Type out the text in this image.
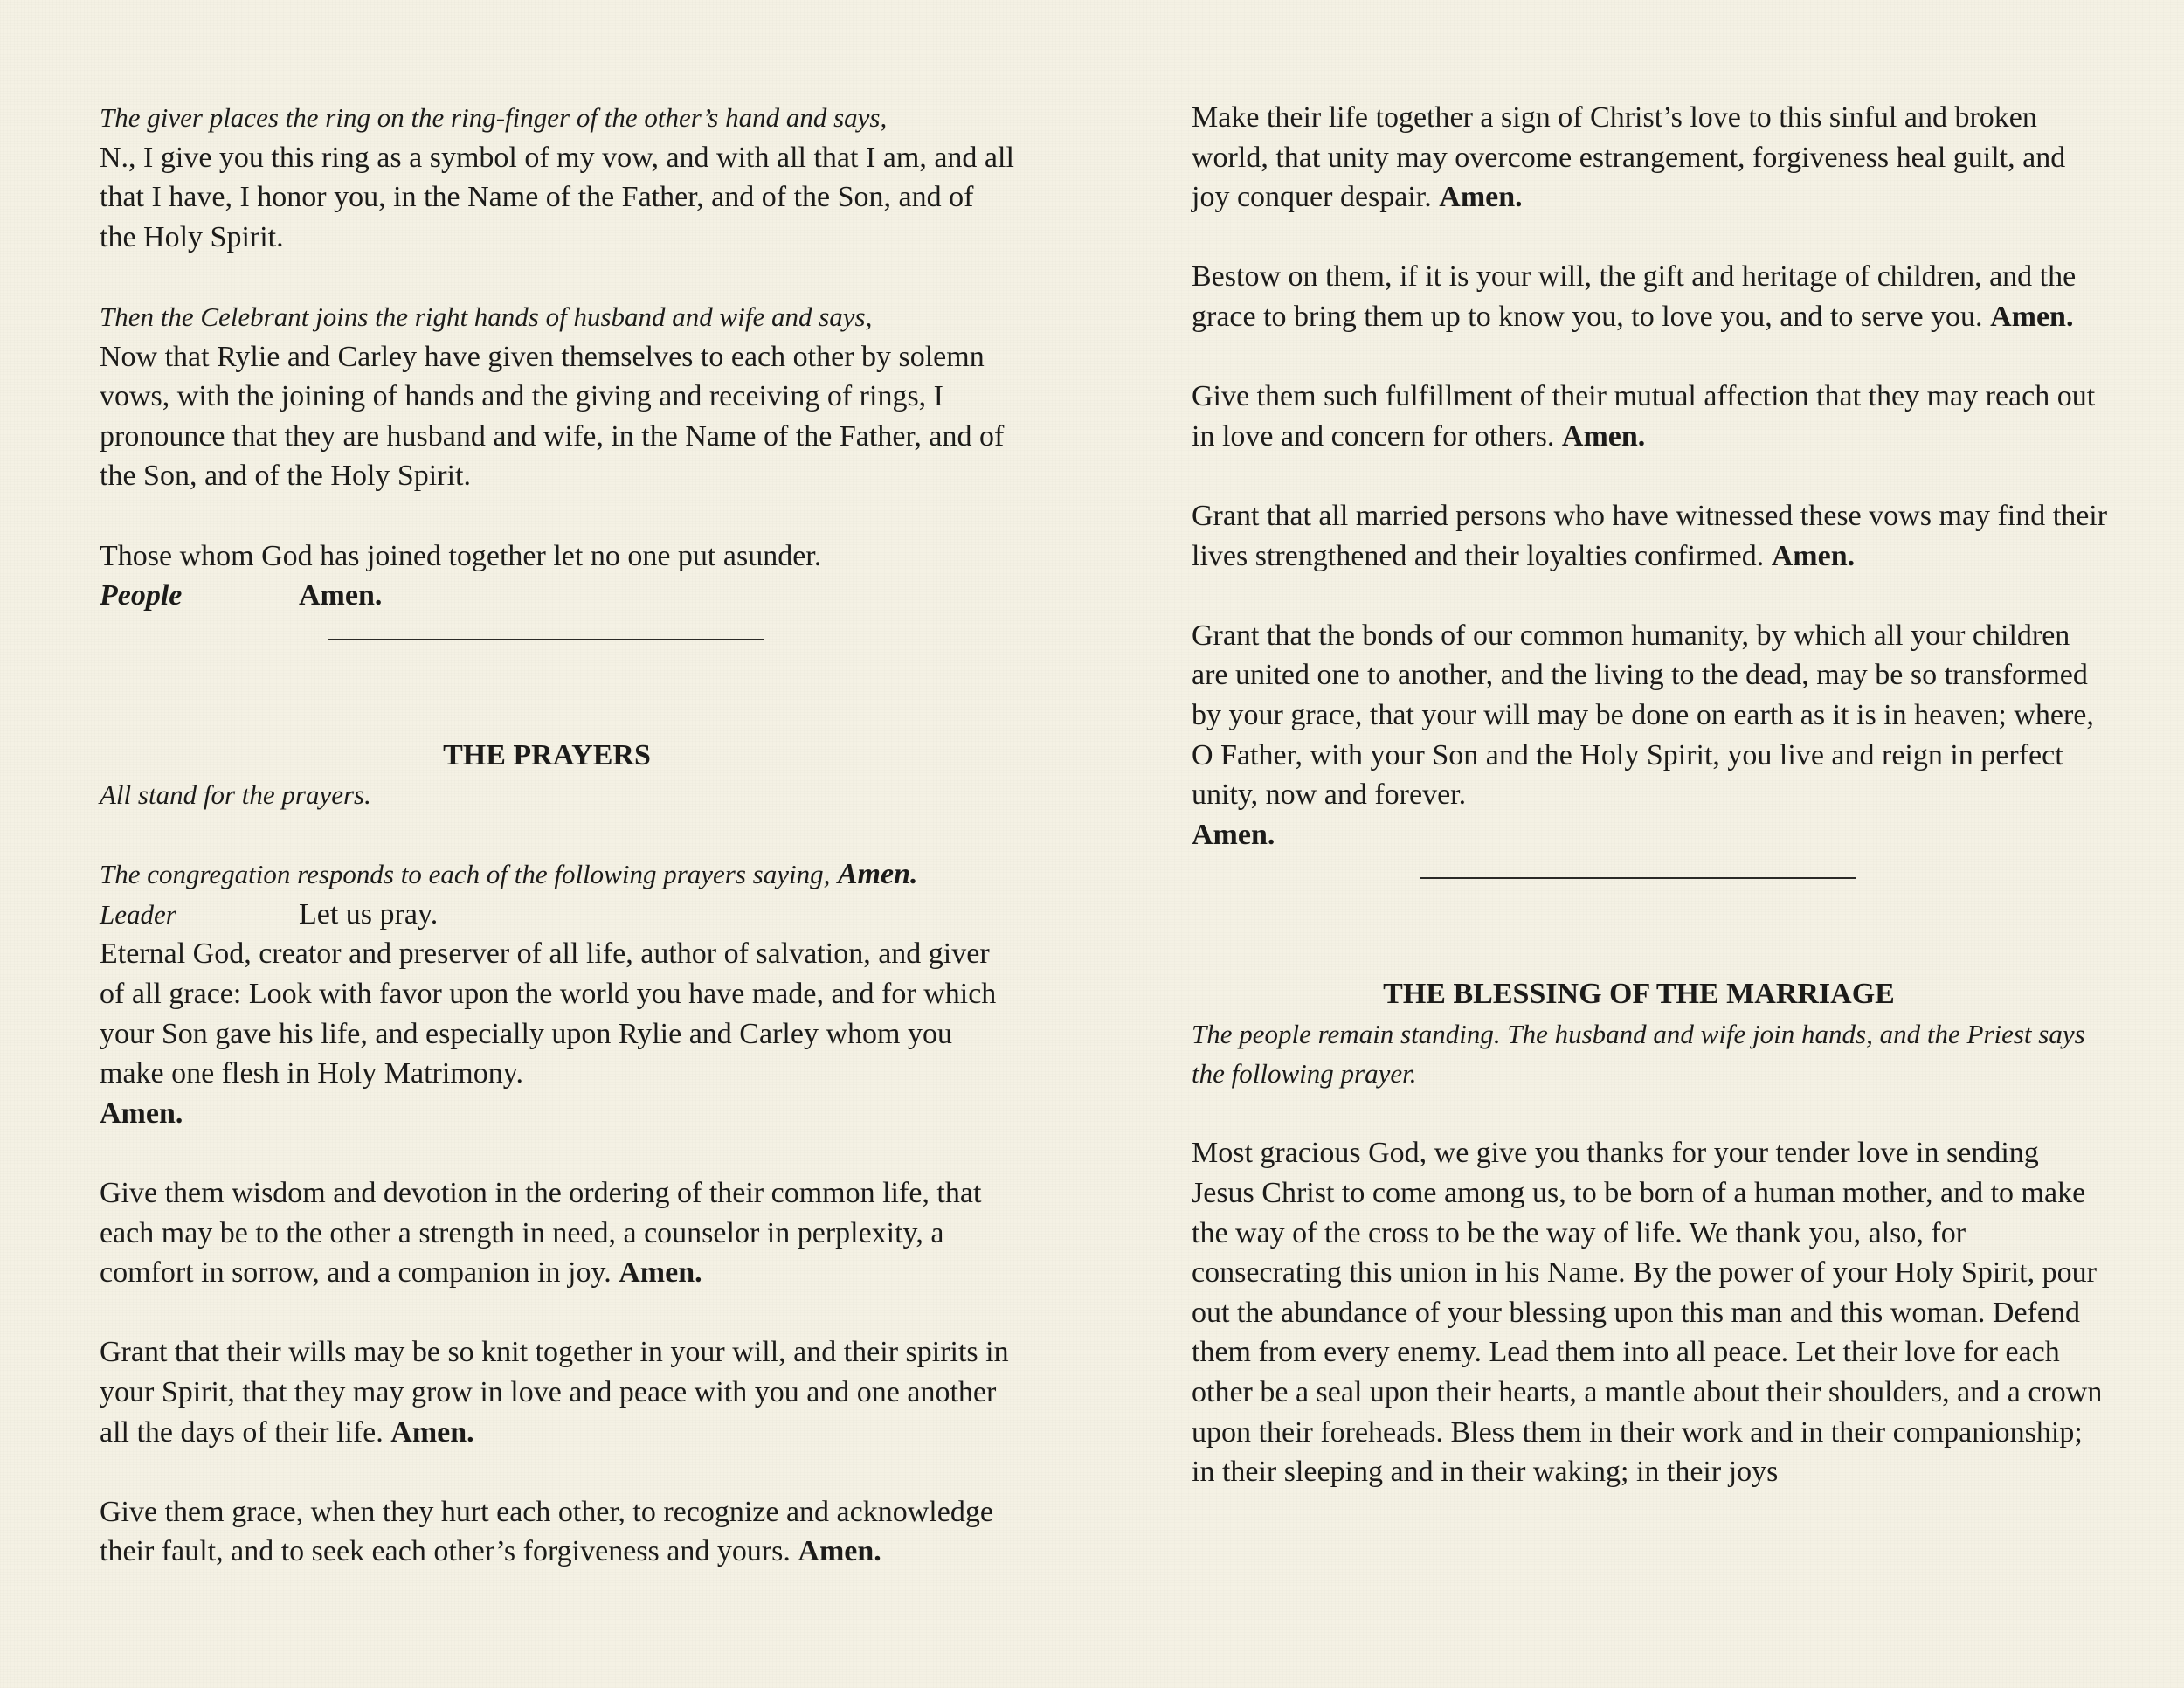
The giver places the ring on the ring-finger of the other’s hand and says,

N., I give you this ring as a symbol of my vow, and with all that I am, and all that I have, I honor you, in the Name of the Father, and of the Son, and of the Holy Spirit.

Then the Celebrant joins the right hands of husband and wife and says,

Now that Rylie and Carley have given themselves to each other by solemn vows, with the joining of hands and the giving and receiving of rings, I pronounce that they are husband and wife, in the Name of the Father, and of the Son, and of the Holy Spirit.

Those whom God has joined together let no one put asunder.

People	Amen.

THE PRAYERS

All stand for the prayers.

The congregation responds to each of the following prayers saying, Amen.

Leader	Let us pray.

Eternal God, creator and preserver of all life, author of salvation, and giver of all grace: Look with favor upon the world you have made, and for which your Son gave his life, and especially upon Rylie and Carley whom you make one flesh in Holy Matrimony.

Amen.

Give them wisdom and devotion in the ordering of their common life, that each may be to the other a strength in need, a counselor in perplexity, a comfort in sorrow, and a companion in joy. Amen.

Grant that their wills may be so knit together in your will, and their spirits in your Spirit, that they may grow in love and peace with you and one another all the days of their life. Amen.

Give them grace, when they hurt each other, to recognize and acknowledge their fault, and to seek each other’s forgiveness and yours. Amen.

Make their life together a sign of Christ’s love to this sinful and broken world, that unity may overcome estrangement, forgiveness heal guilt, and joy conquer despair. Amen.

Bestow on them, if it is your will, the gift and heritage of children, and the grace to bring them up to know you, to love you, and to serve you. Amen.

Give them such fulfillment of their mutual affection that they may reach out in love and concern for others. Amen.

Grant that all married persons who have witnessed these vows may find their lives strengthened and their loyalties confirmed. Amen.

Grant that the bonds of our common humanity, by which all your children are united one to another, and the living to the dead, may be so transformed by your grace, that your will may be done on earth as it is in heaven; where, O Father, with your Son and the Holy Spirit, you live and reign in perfect unity, now and forever.

Amen.

THE BLESSING OF THE MARRIAGE

The people remain standing. The husband and wife join hands, and the Priest says the following prayer.

Most gracious God, we give you thanks for your tender love in sending Jesus Christ to come among us, to be born of a human mother, and to make the way of the cross to be the way of life. We thank you, also, for consecrating this union in his Name. By the power of your Holy Spirit, pour out the abundance of your blessing upon this man and this woman. Defend them from every enemy. Lead them into all peace. Let their love for each other be a seal upon their hearts, a mantle about their shoulders, and a crown upon their foreheads. Bless them in their work and in their companionship; in their sleeping and in their waking; in their joys
